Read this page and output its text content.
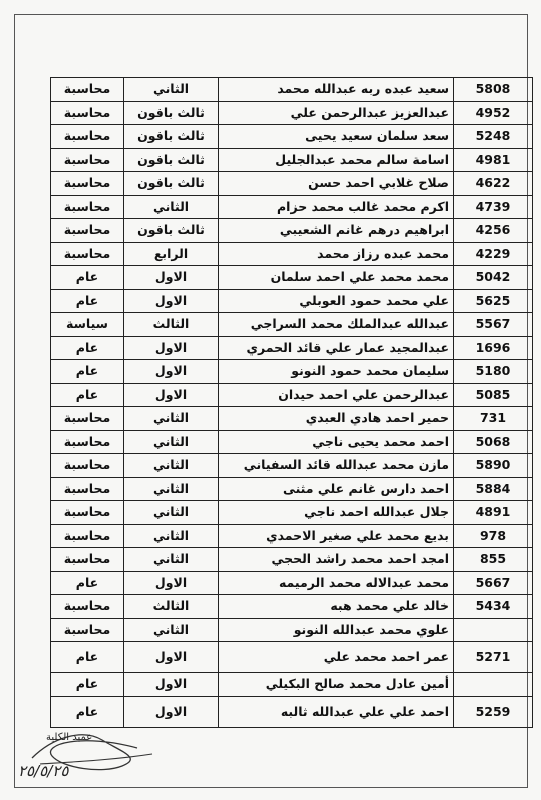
محاسبة	الثاني	سعيد عبده ربه عبدالله محمد	5808
محاسبة	ثالث باقون	عبدالعزيز عبدالرحمن علي	4952
محاسبة	ثالث باقون	سعد سلمان سعيد يحيى	5248
محاسبة	ثالث باقون	اسامة سالم محمد عبدالجليل	4981
محاسبة	ثالث باقون	صلاح غلابي احمد حسن	4622
محاسبة	الثاني	اكرم محمد غالب محمد حزام	4739
محاسبة	ثالث باقون	ابراهيم درهم غانم الشعيبي	4256
محاسبة	الرابع	محمد عبده رزاز محمد	4229
عام	الاول	محمد محمد علي احمد سلمان	5042
عام	الاول	علي محمد حمود العوبلي	5625
سياسة	الثالث	عبدالله عبدالملك محمد السراجي	5567
عام	الاول	عبدالمجيد عمار علي قائد الحمري	1696
عام	الاول	سليمان محمد حمود النونو	5180
عام	الاول	عبدالرحمن علي احمد حيدان	5085
محاسبة	الثاني	حمير احمد هادي العبدي	731
محاسبة	الثاني	احمد محمد يحيى ناجي	5068
محاسبة	الثاني	مازن محمد عبدالله قائد السفياني	5890
محاسبة	الثاني	احمد دارس غانم علي مثنى	5884
محاسبة	الثاني	جلال عبدالله احمد ناجي	4891
محاسبة	الثاني	بديع محمد علي صغير الاحمدي	978
محاسبة	الثاني	امجد احمد محمد راشد الحجي	855
عام	الاول	محمد عبدالاله محمد الرميمه	5667
محاسبة	الثالث	خالد علي محمد هبه	5434
محاسبة	الثاني	علوي محمد عبدالله النونو	
عام	الاول	عمر احمد محمد علي	5271
عام	الاول	أمين عادل محمد صالح البكيلي	
عام	الاول	احمد علي علي عبدالله ثالبه	5259
عميد الكلية
٢٥/٥/٢٥
